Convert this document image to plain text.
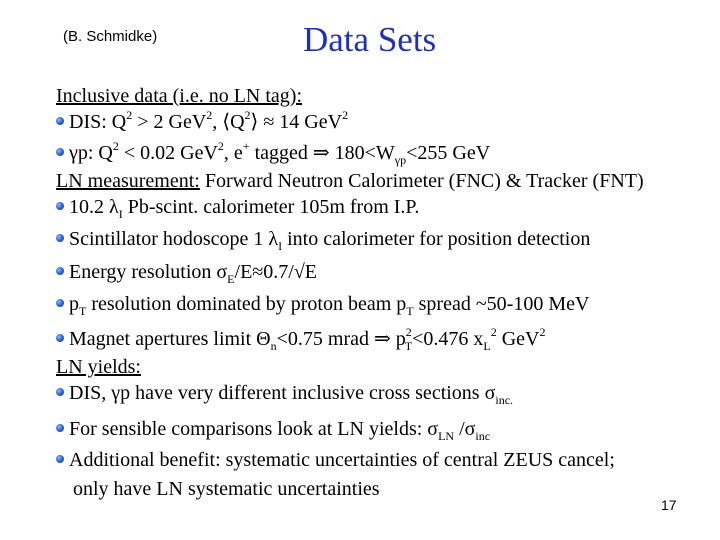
(B. Schmidke)	Data Sets
Inclusive data (i.e. no LN tag):
DIS: $Q^2 > 2$ GeV$^2$, $⟨Q^2⟩ \approx 14$ GeV$^2$
γp: $Q^2 < 0.02$ GeV$^2$, e+ tagged ⇒ $180<W_{\gamma p}<255$ GeV
LN measurement: Forward Neutron Calorimeter (FNC) & Tracker (FNT)
10.2 $\lambda_I$ Pb-scint. calorimeter 105m from I.P.
Scintillator hodoscope 1 $\lambda_I$ into calorimeter for position detection
Energy resolution $\sigma_E/E\approx 0.7/√E$
$p_T$ resolution dominated by proton beam $p_T$ spread ~50-100 MeV
Magnet apertures limit $\Theta_n<0.75$ mrad ⇒ $p^2_T<0.476$ $x_L^2$ GeV$^2$
LN yields:
DIS, γp have very different inclusive cross sections $\sigma_{inc.}$
For sensible comparisons look at LN yields: $\sigma_{LN}$ $/\sigma_{inc}$
Additional benefit: systematic uncertainties of central ZEUS cancel;
only have LN systematic uncertainties
17
